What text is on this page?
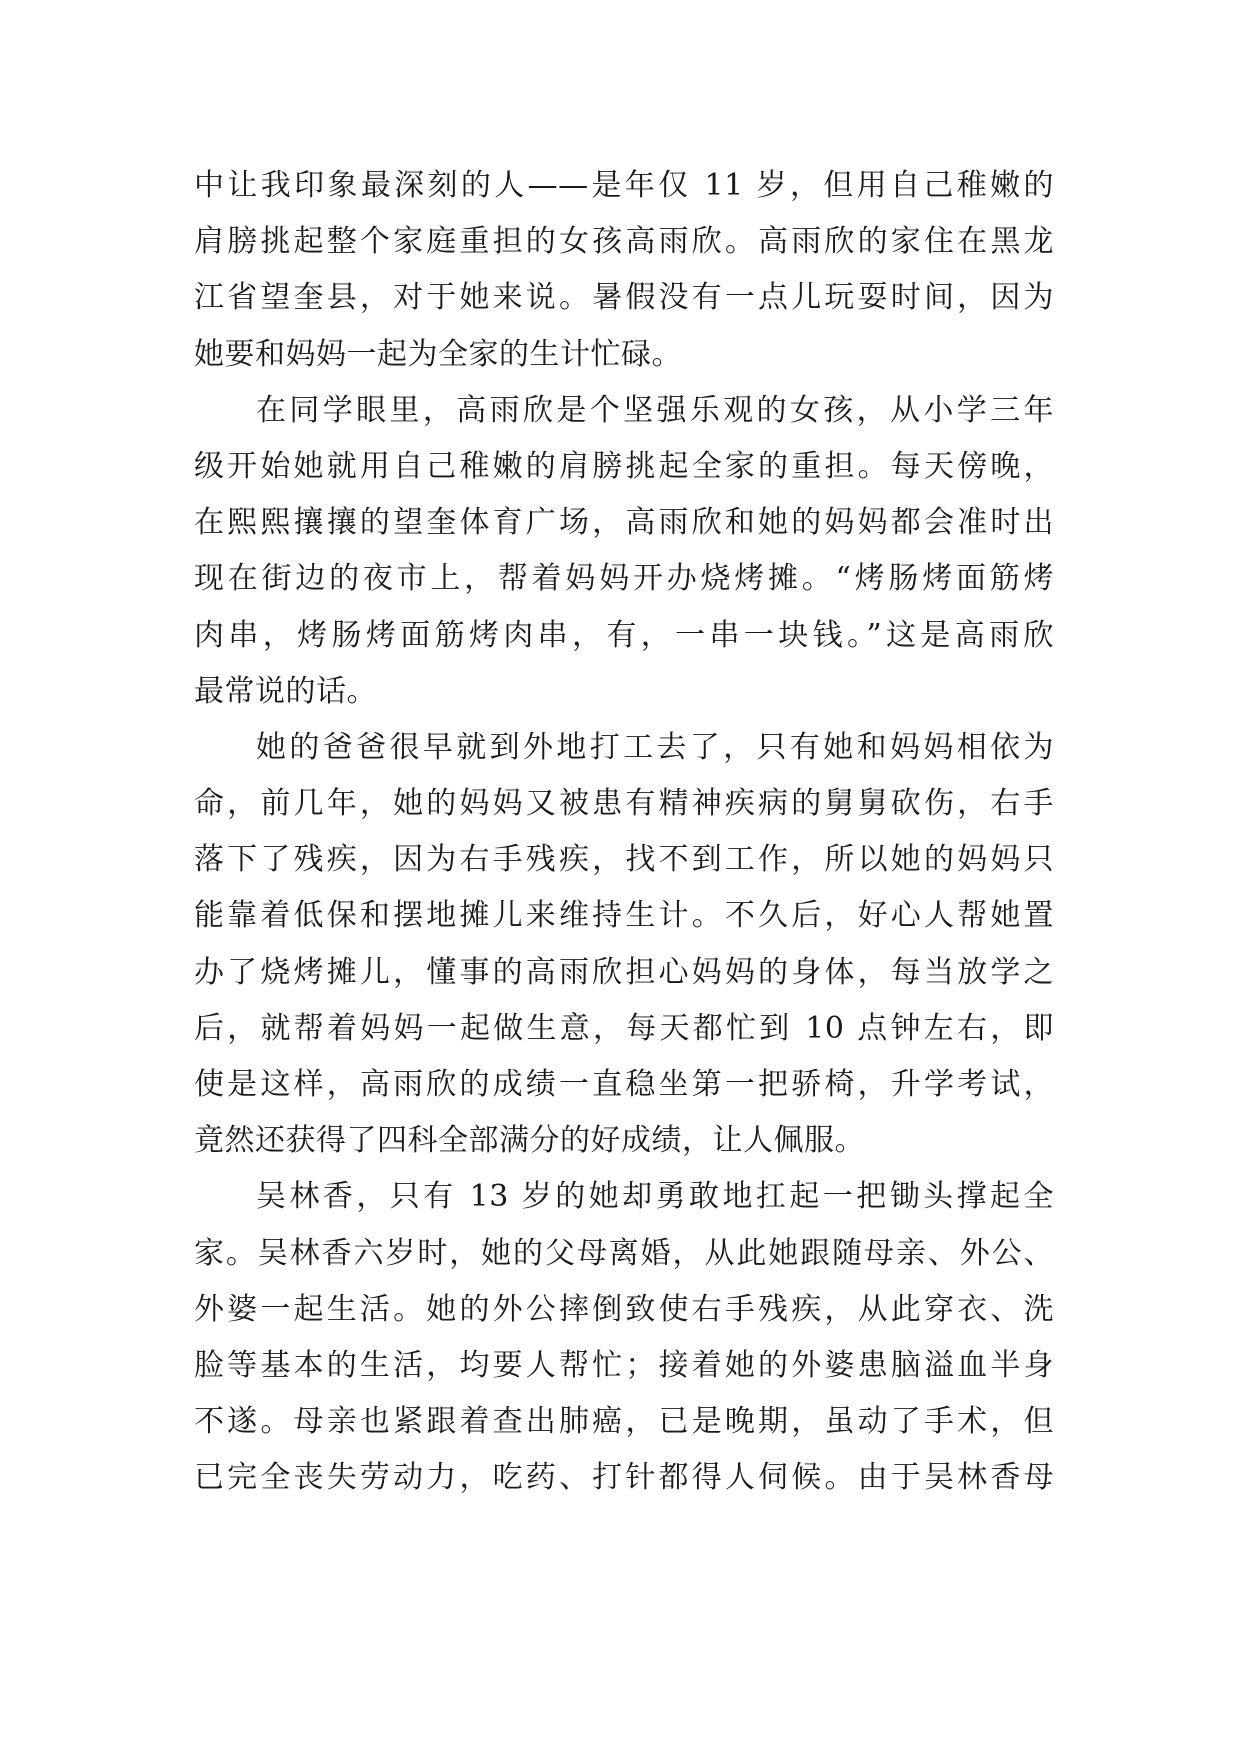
中让我印象最深刻的人——是年仅 11 岁，但用自己稚嫩的
肩膀挑起整个家庭重担的女孩高雨欣。高雨欣的家住在黑龙
江省望奎县，对于她来说。暑假没有一点儿玩耍时间，因为
她要和妈妈一起为全家的生计忙碌。
在同学眼里，高雨欣是个坚强乐观的女孩，从小学三年
级开始她就用自己稚嫩的肩膀挑起全家的重担。每天傍晚，
在熙熙攘攘的望奎体育广场，高雨欣和她的妈妈都会准时出
现在街边的夜市上，帮着妈妈开办烧烤摊。“烤肠烤面筋烤
肉串，烤肠烤面筋烤肉串，有，一串一块钱。”这是高雨欣
最常说的话。
她的爸爸很早就到外地打工去了，只有她和妈妈相依为
命，前几年，她的妈妈又被患有精神疾病的舅舅砍伤，右手
落下了残疾，因为右手残疾，找不到工作，所以她的妈妈只
能靠着低保和摆地摊儿来维持生计。不久后，好心人帮她置
办了烧烤摊儿，懂事的高雨欣担心妈妈的身体，每当放学之
后，就帮着妈妈一起做生意，每天都忙到 10 点钟左右，即
使是这样，高雨欣的成绩一直稳坐第一把骄椅，升学考试，
竟然还获得了四科全部满分的好成绩，让人佩服。
吴林香，只有 13 岁的她却勇敢地扛起一把锄头撑起全
家。吴林香六岁时，她的父母离婚，从此她跟随母亲、外公、
外婆一起生活。她的外公摔倒致使右手残疾，从此穿衣、洗
脸等基本的生活，均要人帮忙；接着她的外婆患脑溢血半身
不遂。母亲也紧跟着查出肺癌，已是晚期，虽动了手术，但
已完全丧失劳动力，吃药、打针都得人伺候。由于吴林香母
